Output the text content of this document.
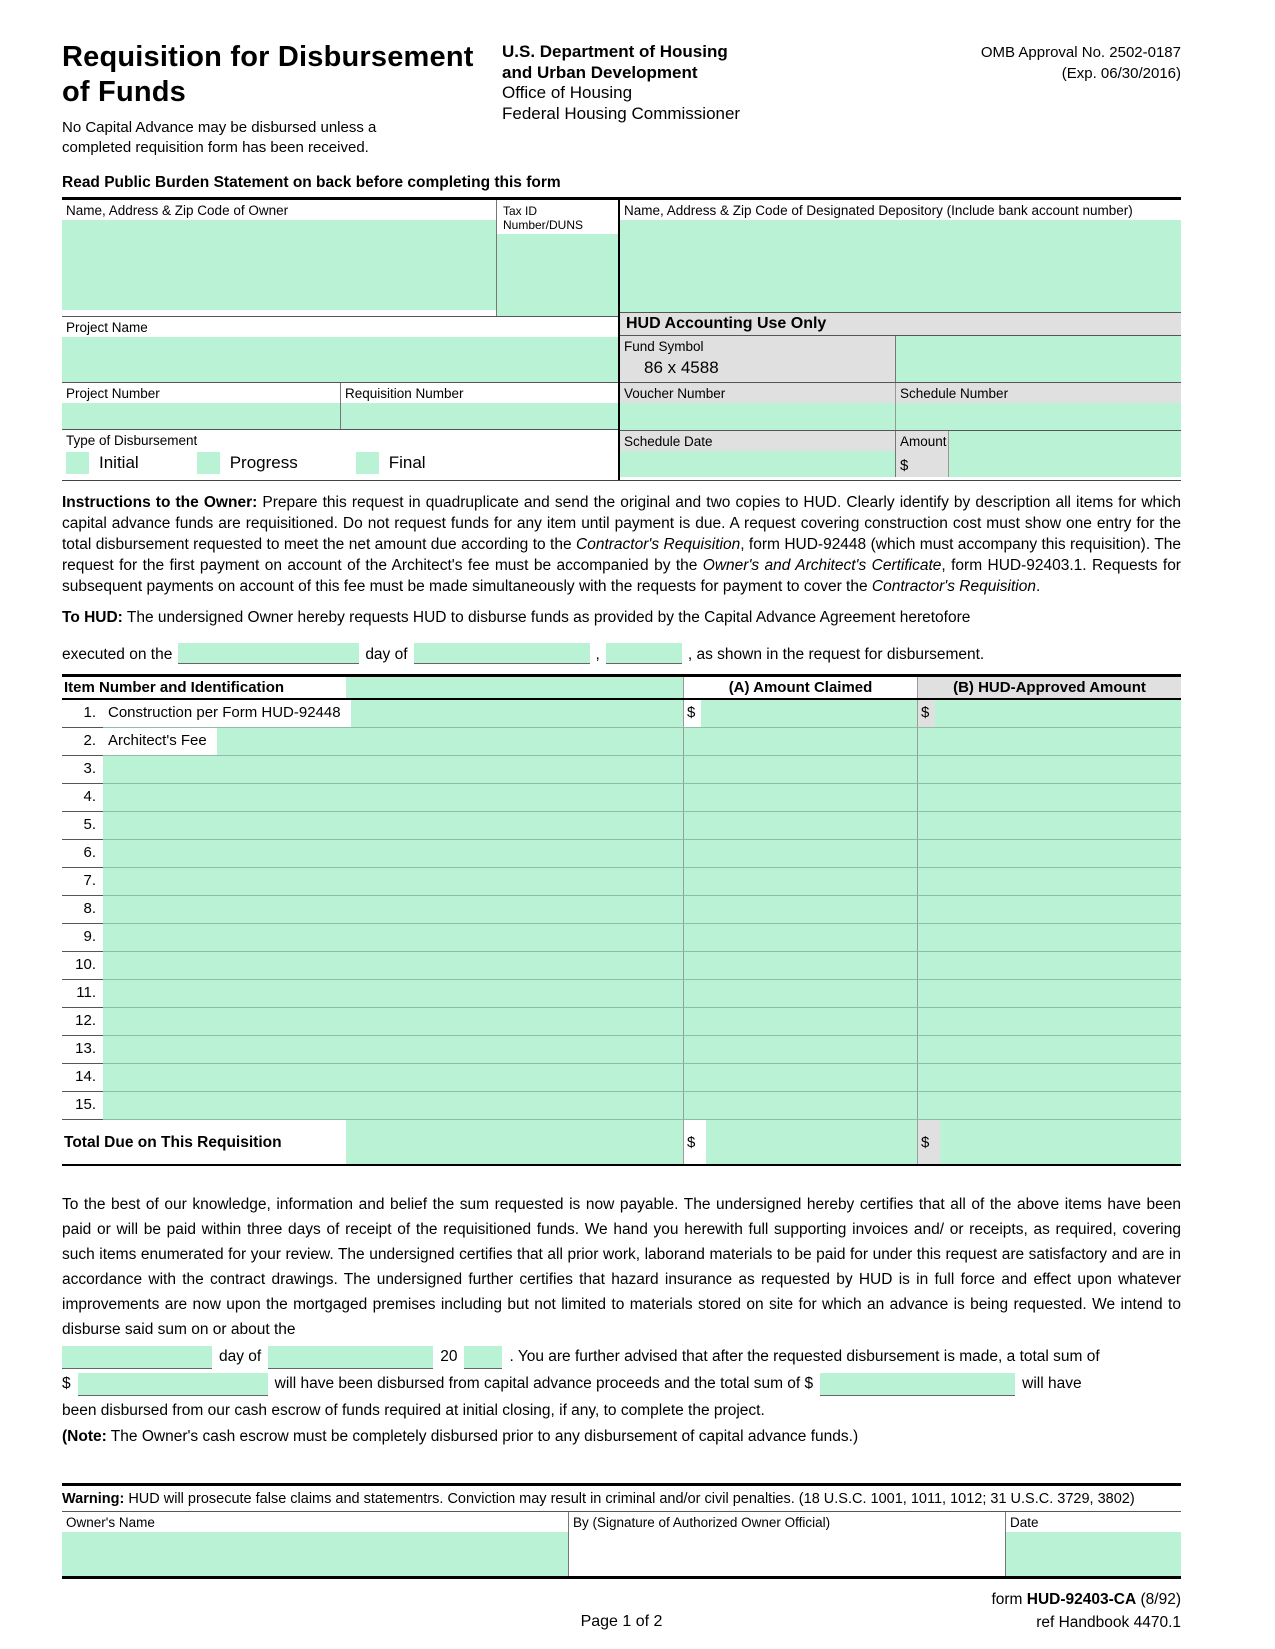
Requisition for Disbursement
of Funds
No Capital Advance may be disbursed unless a completed requisition form has been received.
U.S. Department of Housing
and Urban Development
Office of Housing
Federal Housing Commissioner
OMB Approval No. 2502-0187
(Exp. 06/30/2016)
Read Public Burden Statement on back before completing this form
Name, Address & Zip Code of Owner	Tax ID Number/DUNS
Project Name
Project Number	Requisition Number
Type of Disbursement
Initial	Progress	Final
Name, Address & Zip Code of Designated Depository (Include bank account number)
HUD Accounting Use Only
Fund Symbol
86 x 4588
Voucher Number	Schedule Number
Schedule Date	Amount
$

Instructions to the Owner: Prepare this request in quadruplicate and send the original and two copies to HUD. Clearly identify by description all items for which capital advance funds are requisitioned. Do not request funds for any item until payment is due. A request covering construction cost must show one entry for the total disbursement requested to meet the net amount due according to the Contractor's Requisition, form HUD-92448 (which must accompany this requisition). The request for the first payment on account of the Architect's fee must be accompanied by the Owner's and Architect's Certificate, form HUD-92403.1. Requests for subsequent payments on account of this fee must be made simultaneously with the requests for payment to cover the Contractor's Requisition.

To HUD: The undersigned Owner hereby requests HUD to disburse funds as provided by the Capital Advance Agreement heretofore

executed on the	day of	,	, as shown in the request for disbursement.
Item Number and Identification	(A) Amount Claimed	(B) HUD-Approved Amount
1. Construction per Form HUD-92448	$	$
2. Architect's Fee
3.
4.
5.
6.
7.
8.
9.
10.
11.
12.
13.
14.
15.
Total Due on This Requisition	$	$

To the best of our knowledge, information and belief the sum requested is now payable. The undersigned hereby certifies that all of the above items have been paid or will be paid within three days of receipt of the requisitioned funds. We hand you herewith full supporting invoices and/ or receipts, as required, covering such items enumerated for your review. The undersigned certifies that all prior work, laborand materials to be paid for under this request are satisfactory and are in accordance with the contract drawings. The undersigned further certifies that hazard insurance as requested by HUD is in full force and effect upon whatever improvements are now upon the mortgaged premises including but not limited to materials stored on site for which an advance is being requested. We intend to disburse said sum on or about the

day of	20	. You are further advised that after the requested disbursement is made, a total sum of
$	will have been disbursed from capital advance proceeds and the total sum of $	will have
been disbursed from our cash escrow of funds required at initial closing, if any, to complete the project.
(Note: The Owner's cash escrow must be completely disbursed prior to any disbursement of capital advance funds.)
Warning: HUD will prosecute false claims and statementrs. Conviction may result in criminal and/or civil penalties. (18 U.S.C. 1001, 1011, 1012; 31 U.S.C. 3729, 3802)
Owner's Name	By (Signature of Authorized Owner Official)	Date
form HUD-92403-CA (8/92)
ref Handbook 4470.1
Page 1 of 2
